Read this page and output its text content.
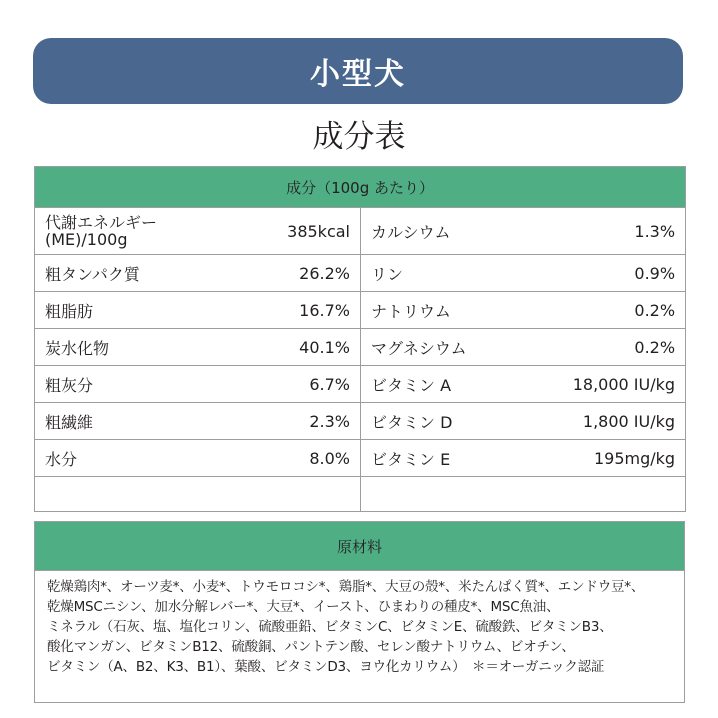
小型犬
成分表
成分（100g あたり）			
代謝エネルギー
(ME)/100g	385kcal	カルシウム	1.3%
粗タンパク質	26.2%	リン	0.9%
粗脂肪	16.7%	ナトリウム	0.2%
炭水化物	40.1%	マグネシウム	0.2%
粗灰分	6.7%	ビタミン A	18,000 IU/kg
粗繊維	2.3%	ビタミン D	1,800 IU/kg
水分	8.0%	ビタミン E	195mg/kg

原材料
乾燥鶏肉*、オーツ麦*、小麦*、トウモロコシ*、鶏脂*、大豆の殻*、米たんぱく質*、エンドウ豆*、
乾燥MSCニシン、加水分解レバー*、大豆*、イースト、ひまわりの種皮*、MSC魚油、
ミネラル（石灰、塩、塩化コリン、硫酸亜鉛、ビタミンC、ビタミンE、硫酸鉄、ビタミンB3、
酸化マンガン、ビタミンB12、硫酸銅、パントテン酸、セレン酸ナトリウム、ビオチン、
ビタミン（A、B2、K3、B1）、葉酸、ビタミンD3、ヨウ化カリウム）　＊＝オーガニック認証
